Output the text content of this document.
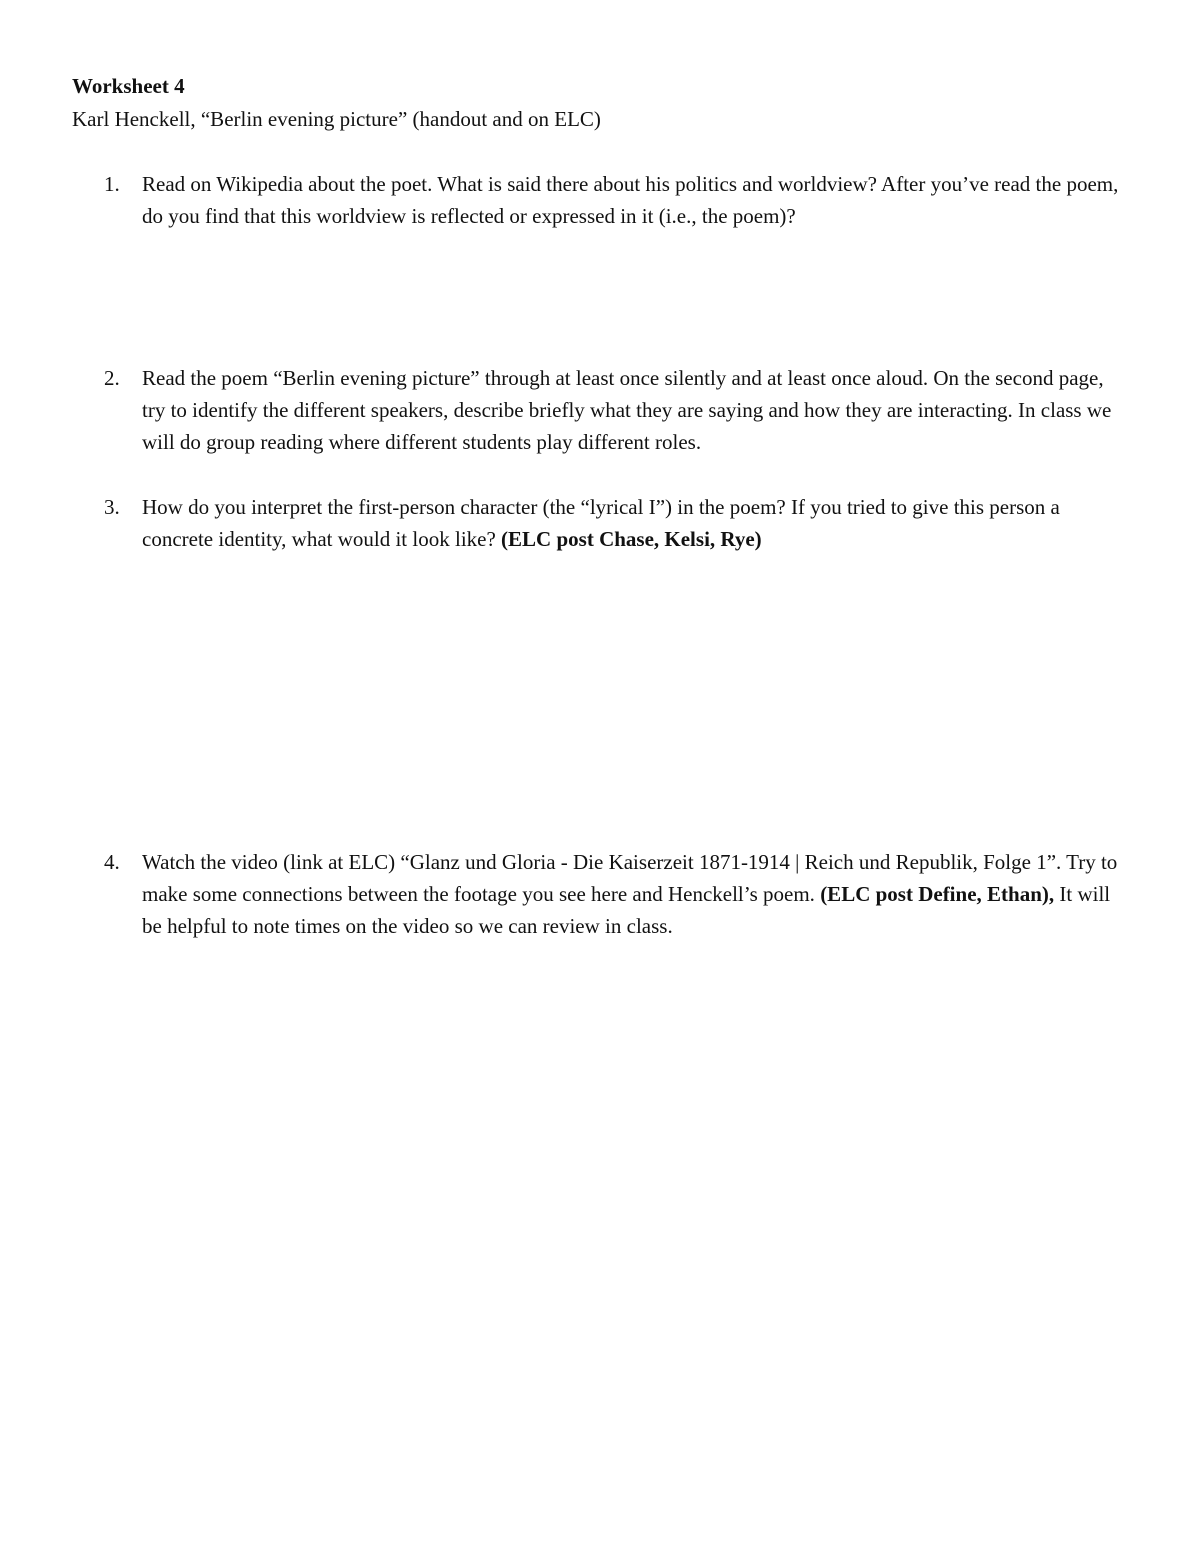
Worksheet 4

Karl Henckell, “Berlin evening picture” (handout and on ELC)

1.	Read on Wikipedia about the poet. What is said there about his politics and worldview? After you’ve read the poem, do you find that this worldview is reflected or expressed in it (i.e., the poem)?

2.	Read the poem “Berlin evening picture” through at least once silently and at least once aloud. On the second page, try to identify the different speakers, describe briefly what they are saying and how they are interacting. In class we will do group reading where different students play different roles.

3.	How do you interpret the first-person character (the “lyrical I”) in the poem? If you tried to give this person a concrete identity, what would it look like? (ELC post Chase, Kelsi, Rye)

4.	Watch the video (link at ELC) “Glanz und Gloria - Die Kaiserzeit 1871-1914 | Reich und Republik, Folge 1”. Try to make some connections between the footage you see here and Henckell’s poem. (ELC post Define, Ethan), It will be helpful to note times on the video so we can review in class.
